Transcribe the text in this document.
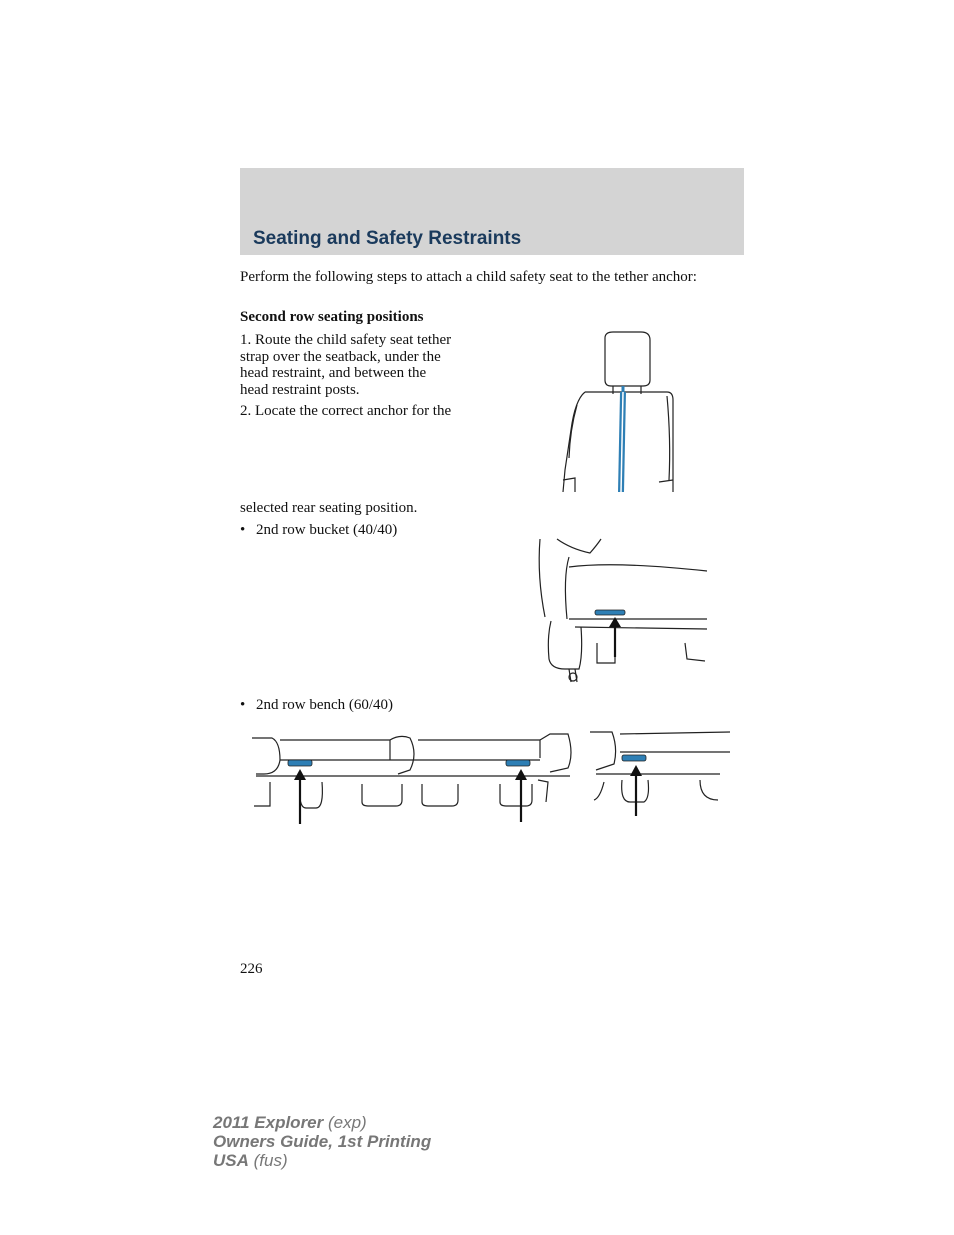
Seating and Safety Restraints
Perform the following steps to attach a child safety seat to the tether anchor:
Second row seating positions
1. Route the child safety seat tether
strap over the seatback, under the
head restraint, and between the
head restraint posts.
2. Locate the correct anchor for the
selected rear seating position.
• 2nd row bucket (40/40)
• 2nd row bench (60/40)
226
2011 Explorer (exp)
Owners Guide, 1st Printing
USA (fus)
